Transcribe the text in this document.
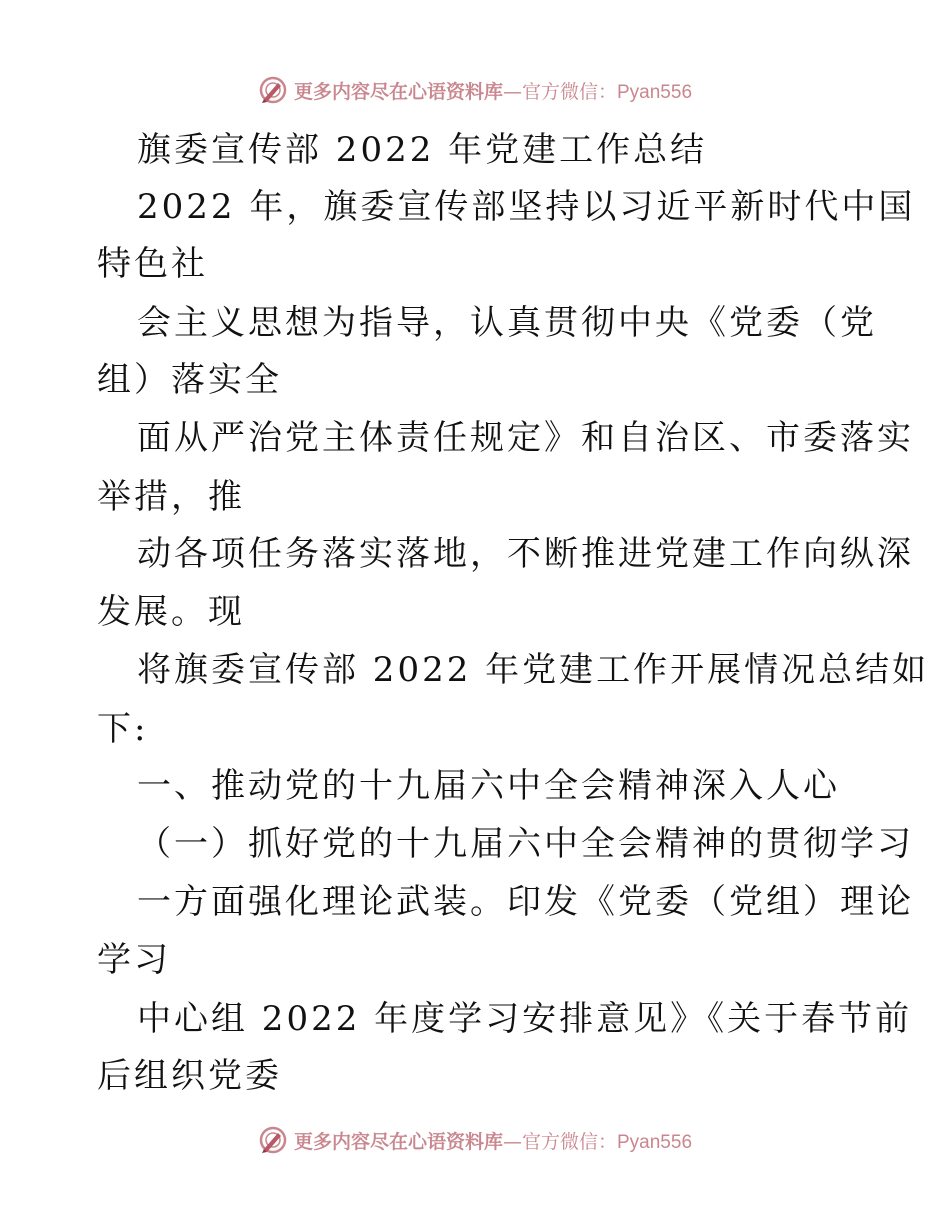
更多内容尽在心语资料库—官方微信：Pyan556
旗委宣传部 2022 年党建工作总结
2022 年，旗委宣传部坚持以习近平新时代中国
特色社
会主义思想为指导，认真贯彻中央《党委（党
组）落实全
面从严治党主体责任规定》和自治区、市委落实
举措，推
动各项任务落实落地，不断推进党建工作向纵深
发展。现
将旗委宣传部 2022 年党建工作开展情况总结如
下:
一、推动党的十九届六中全会精神深入人心
（一）抓好党的十九届六中全会精神的贯彻学习
一方面强化理论武装。印发《党委（党组）理论
学习
中心组 2022 年度学习安排意见》《关于春节前
后组织党委
更多内容尽在心语资料库—官方微信：Pyan556
